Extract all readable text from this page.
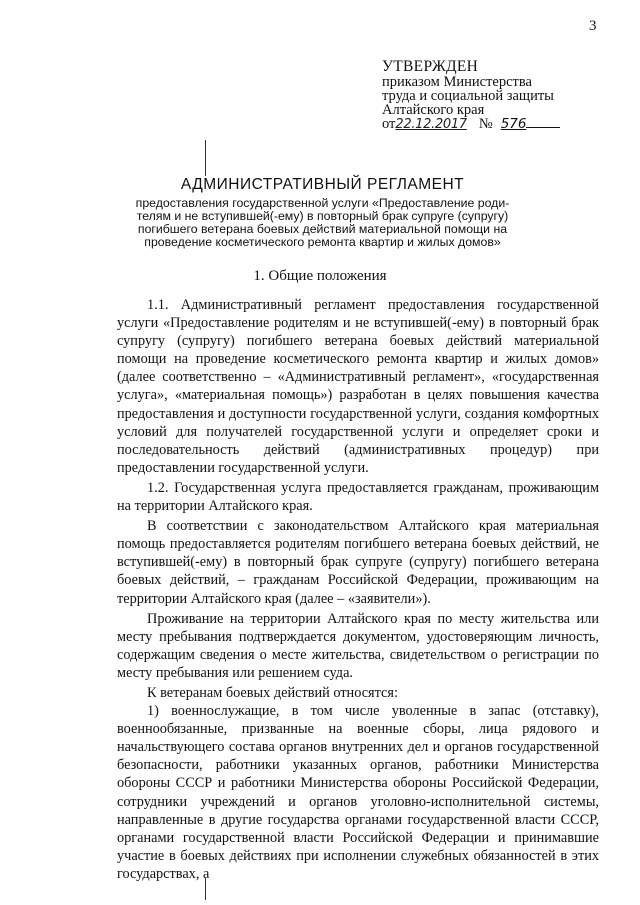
3
УТВЕРЖДЕН
приказом Министерства
труда и социальной защиты
Алтайского края
от22.12.2017 № 576
АДМИНИСТРАТИВНЫЙ РЕГЛАМЕНТ
предоставления государственной услуги «Предоставление роди-
телям и не вступившей(-ему) в повторный брак супруге (супругу)
погибшего ветерана боевых действий материальной помощи на
проведение косметического ремонта квартир и жилых домов»
1. Общие положения

1.1. Административный регламент предоставления государственной услуги «Предоставление родителям и не вступившей(-ему) в повторный брак супругу (супругу) погибшего ветерана боевых действий материальной помощи на проведение косметического ремонта квартир и жилых домов» (далее соответственно – «Административный регламент», «государственная услуга», «материальная помощь») разработан в целях повышения качества предоставления и доступности государственной услуги, создания комфортных условий для получателей государственной услуги и определяет сроки и последовательность действий (административных процедур) при предоставлении государственной услуги.

1.2. Государственная услуга предоставляется гражданам, проживающим на территории Алтайского края.

В соответствии с законодательством Алтайского края материальная помощь предоставляется родителям погибшего ветерана боевых действий, не вступившей(-ему) в повторный брак супруге (супругу) погибшего ветерана боевых действий, – гражданам Российской Федерации, проживающим на территории Алтайского края (далее – «заявители»).

Проживание на территории Алтайского края по месту жительства или месту пребывания подтверждается документом, удостоверяющим личность, содержащим сведения о месте жительства, свидетельством о регистрации по месту пребывания или решением суда.

К ветеранам боевых действий относятся:

1) военнослужащие, в том числе уволенные в запас (отставку), военнообязанные, призванные на военные сборы, лица рядового и начальствующего состава органов внутренних дел и органов государственной безопасности, работники указанных органов, работники Министерства обороны СССР и работники Министерства обороны Российской Федерации, сотрудники учреждений и органов уголовно-исполнительной системы, направленные в другие государства органами государственной власти СССР, органами государственной власти Российской Федерации и принимавшие участие в боевых действиях при исполнении служебных обязанностей в этих государствах, а
